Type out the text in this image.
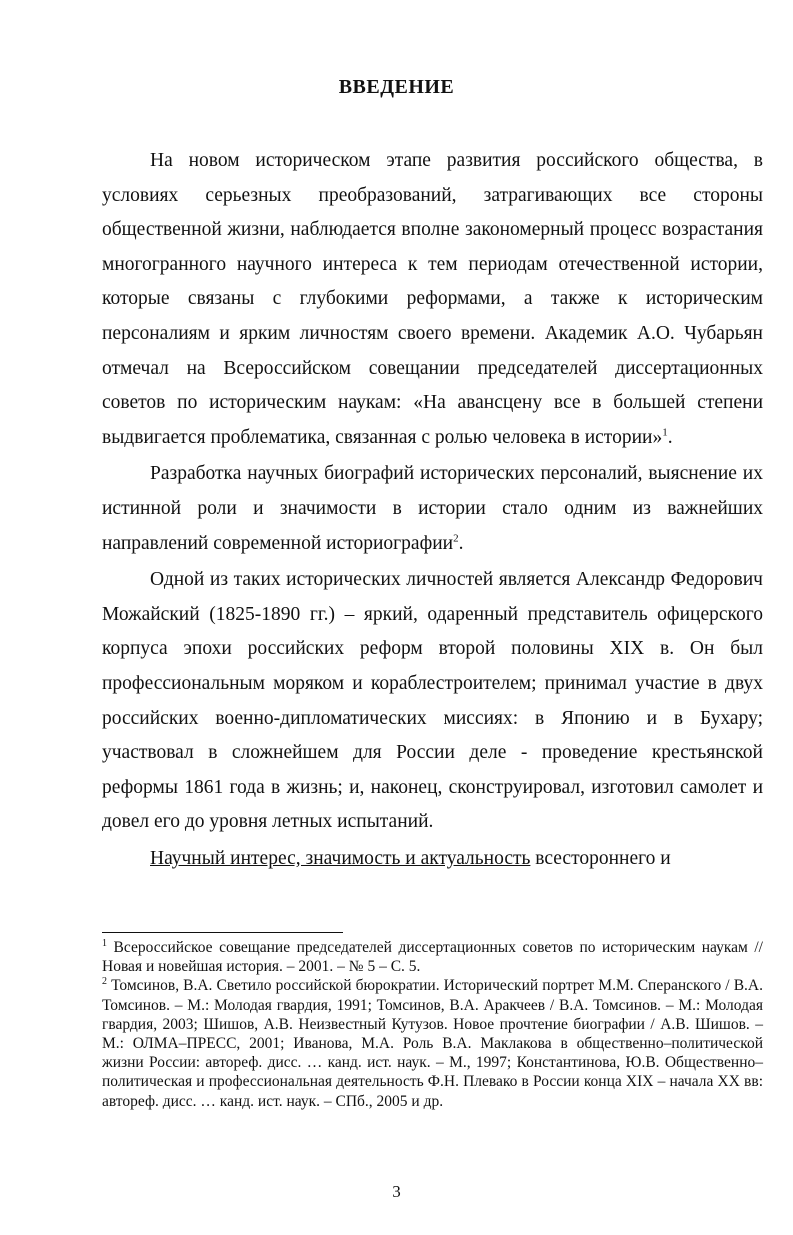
ВВЕДЕНИЕ

На новом историческом этапе развития российского общества, в условиях серьезных преобразований, затрагивающих все стороны общественной жизни, наблюдается вполне закономерный процесс возрастания многогранного научного интереса к тем периодам отечественной истории, которые связаны с глубокими реформами, а также к историческим персоналиям и ярким личностям своего времени. Академик А.О. Чубарьян отмечал на Всероссийском совещании председателей диссертационных советов по историческим наукам: «На авансцену все в большей степени выдвигается проблематика, связанная с ролью человека в истории»$^1$.

Разработка научных биографий исторических персоналий, выяснение их истинной роли и значимости в истории стало одним из важнейших направлений современной историографии$^2$.

Одной из таких исторических личностей является Александр Федорович Можайский (1825-1890 гг.) – яркий, одаренный представитель офицерского корпуса эпохи российских реформ второй половины XIX в. Он был профессиональным моряком и кораблестроителем; принимал участие в двух российских военно-дипломатических миссиях: в Японию и в Бухару; участвовал в сложнейшем для России деле - проведение крестьянской реформы 1861 года в жизнь; и, наконец, сконструировал, изготовил самолет и довел его до уровня летных испытаний.

Научный интерес, значимость и актуальность всестороннего и

$^1$ Всероссийское совещание председателей диссертационных советов по историческим наукам // Новая и новейшая история. – 2001. – № 5 – С. 5.

$^2$ Томсинов, В.А. Светило российской бюрократии. Исторический портрет М.М. Сперанского / В.А. Томсинов. – М.: Молодая гвардия, 1991; Томсинов, В.А. Аракчеев / В.А. Томсинов. – М.: Молодая гвардия, 2003; Шишов, А.В. Неизвестный Кутузов. Новое прочтение биографии / А.В. Шишов. – М.: ОЛМА–ПРЕСС, 2001; Иванова, М.А. Роль В.А. Маклакова в общественно–политической жизни России: автореф. дисс. … канд. ист. наук. – М., 1997; Константинова, Ю.В. Общественно–политическая и профессиональная деятельность Ф.Н. Плевако в России конца XIX – начала XX вв: автореф. дисс. … канд. ист. наук. – СПб., 2005 и др.

3
